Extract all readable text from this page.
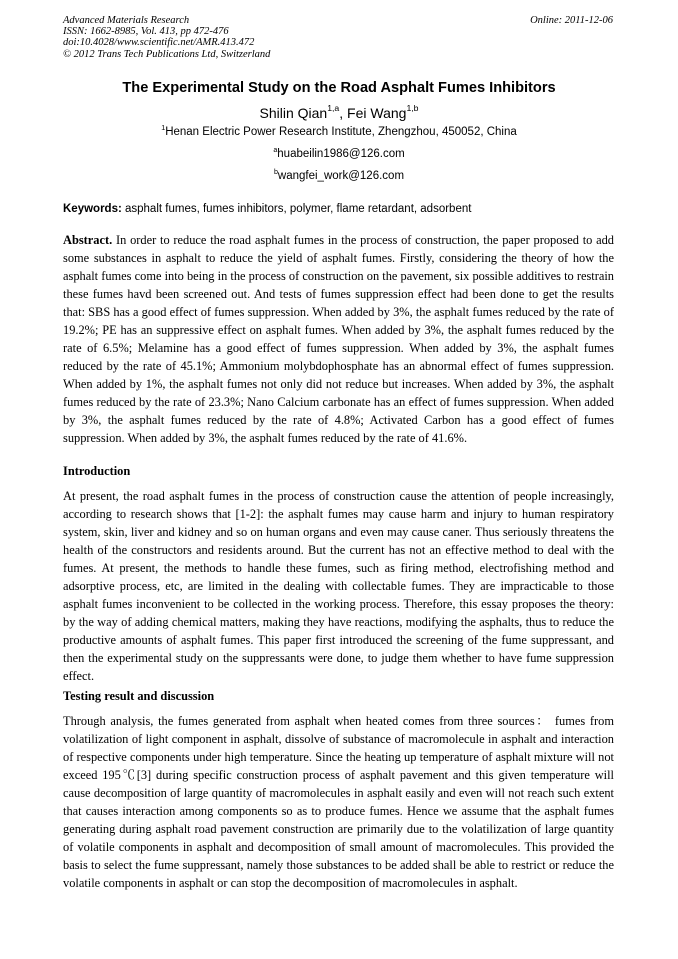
Advanced Materials Research
ISSN: 1662-8985, Vol. 413, pp 472-476
doi:10.4028/www.scientific.net/AMR.413.472
© 2012 Trans Tech Publications Ltd, Switzerland
Online: 2011-12-06
The Experimental Study on the Road Asphalt Fumes Inhibitors
Shilin Qian$^{1,a}$, Fei Wang$^{1,b}$
$^1$Henan Electric Power Research Institute, Zhengzhou, 450052, China
$^a$huabeilin1986@126.com
$^b$wangfei_work@126.com
Keywords: asphalt fumes, fumes inhibitors, polymer, flame retardant, adsorbent
Abstract. In order to reduce the road asphalt fumes in the process of construction, the paper proposed to add some substances in asphalt to reduce the yield of asphalt fumes. Firstly, considering the theory of how the asphalt fumes come into being in the process of construction on the pavement, six possible additives to restrain these fumes havd been screened out. And tests of fumes suppression effect had been done to get the results that: SBS has a good effect of fumes suppression. When added by 3%, the asphalt fumes reduced by the rate of 19.2%; PE has an suppressive effect on asphalt fumes. When added by 3%, the asphalt fumes reduced by the rate of 6.5%; Melamine has a good effect of fumes suppression. When added by 3%, the asphalt fumes reduced by the rate of 45.1%; Ammonium molybdophosphate has an abnormal effect of fumes suppression. When added by 1%, the asphalt fumes not only did not reduce but increases. When added by 3%, the asphalt fumes reduced by the rate of 23.3%; Nano Calcium carbonate has an effect of fumes suppression. When added by 3%, the asphalt fumes reduced by the rate of 4.8%; Activated Carbon has a good effect of fumes suppression. When added by 3%, the asphalt fumes reduced by the rate of 41.6%.
Introduction
At present, the road asphalt fumes in the process of construction cause the attention of people increasingly, according to research shows that [1-2]: the asphalt fumes may cause harm and injury to human respiratory system, skin, liver and kidney and so on human organs and even may cause caner. Thus seriously threatens the health of the constructors and residents around. But the current has not an effective method to deal with the fumes. At present, the methods to handle these fumes, such as firing method, electrofishing method and adsorptive process, etc, are limited in the dealing with collectable fumes. They are impracticable to those asphalt fumes inconvenient to be collected in the working process. Therefore, this essay proposes the theory: by the way of adding chemical matters, making they have reactions, modifying the asphalts, thus to reduce the productive amounts of asphalt fumes. This paper first introduced the screening of the fume suppressant, and then the experimental study on the suppressants were done, to judge them whether to have fume suppression effect.
Testing result and discussion
Through analysis, the fumes generated from asphalt when heated comes from three sources： fumes from volatilization of light component in asphalt, dissolve of substance of macromolecule in asphalt and interaction of respective components under high temperature. Since the heating up temperature of asphalt mixture will not exceed 195℃[3] during specific construction process of asphalt pavement and this given temperature will cause decomposition of large quantity of macromolecules in asphalt easily and even will not reach such extent that causes interaction among components so as to produce fumes. Hence we assume that the asphalt fumes generating during asphalt road pavement construction are primarily due to the volatilization of large quantity of volatile components in asphalt and decomposition of small amount of macromolecules. This provided the basis to select the fume suppressant, namely those substances to be added shall be able to restrict or reduce the volatile components in asphalt or can stop the decomposition of macromolecules in asphalt.
